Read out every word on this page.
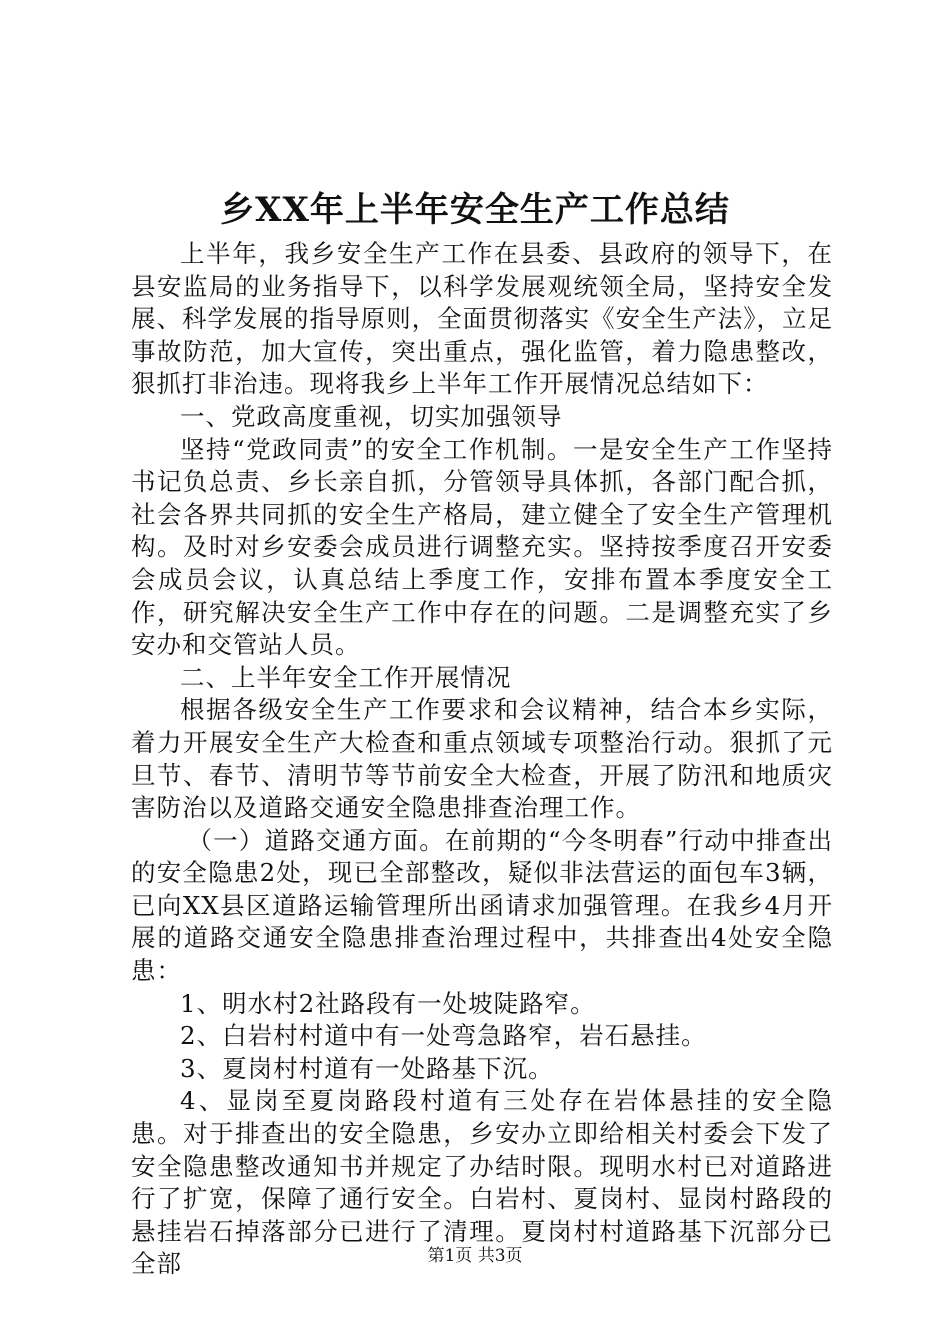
乡XX年上半年安全生产工作总结

上半年，我乡安全生产工作在县委、县政府的领导下，在县安监局的业务指导下，以科学发展观统领全局，坚持安全发展、科学发展的指导原则，全面贯彻落实《安全生产法》，立足事故防范，加大宣传，突出重点，强化监管，着力隐患整改，狠抓打非治违。现将我乡上半年工作开展情况总结如下：

一、党政高度重视，切实加强领导

坚持“党政同责”的安全工作机制。一是安全生产工作坚持书记负总责、乡长亲自抓，分管领导具体抓，各部门配合抓，社会各界共同抓的安全生产格局，建立健全了安全生产管理机构。及时对乡安委会成员进行调整充实。坚持按季度召开安委会成员会议，认真总结上季度工作，安排布置本季度安全工作，研究解决安全生产工作中存在的问题。二是调整充实了乡安办和交管站人员。

二、上半年安全工作开展情况

根据各级安全生产工作要求和会议精神，结合本乡实际，着力开展安全生产大检查和重点领域专项整治行动。狠抓了元旦节、春节、清明节等节前安全大检查，开展了防汛和地质灾害防治以及道路交通安全隐患排查治理工作。

（一）道路交通方面。在前期的“今冬明春”行动中排查出的安全隐患2处，现已全部整改，疑似非法营运的面包车3辆，已向XX县区道路运输管理所出函请求加强管理。在我乡4月开展的道路交通安全隐患排查治理过程中，共排查出4处安全隐患：

1、明水村2社路段有一处坡陡路窄。

2、白岩村村道中有一处弯急路窄，岩石悬挂。

3、夏岗村村道有一处路基下沉。

4、显岗至夏岗路段村道有三处存在岩体悬挂的安全隐患。对于排查出的安全隐患，乡安办立即给相关村委会下发了安全隐患整改通知书并规定了办结时限。现明水村已对道路进行了扩宽，保障了通行安全。白岩村、夏岗村、显岗村路段的悬挂岩石掉落部分已进行了清理。夏岗村村道路基下沉部分已全部	第1页 共3页
